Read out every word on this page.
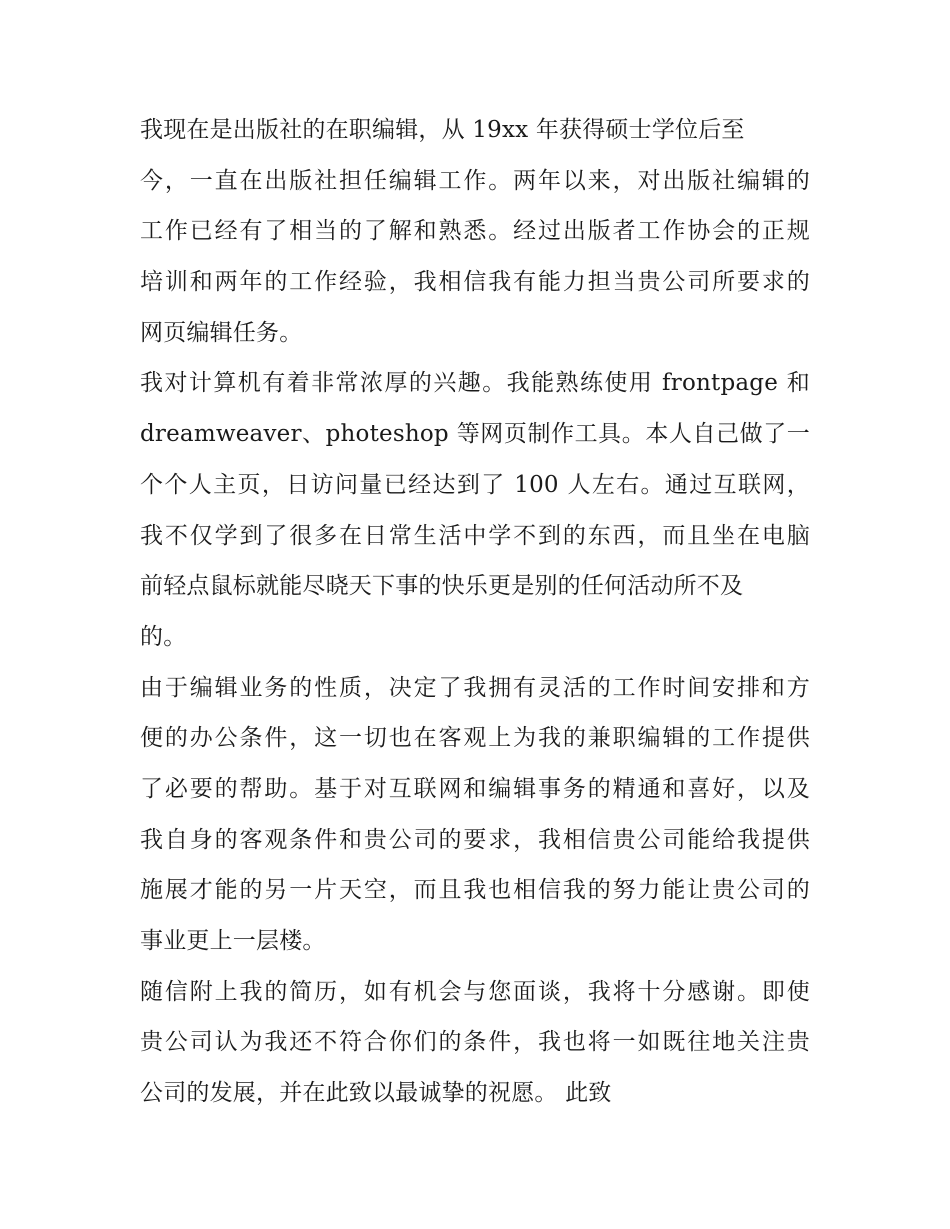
我现在是出版社的在职编辑，从 19xx 年获得硕士学位后至
今，一直在出版社担任编辑工作。两年以来，对出版社编辑的
工作已经有了相当的了解和熟悉。经过出版者工作协会的正规
培训和两年的工作经验，我相信我有能力担当贵公司所要求的
网页编辑任务。
我对计算机有着非常浓厚的兴趣。我能熟练使用 frontpage 和
dreamweaver、photeshop 等网页制作工具。本人自己做了一
个个人主页，日访问量已经达到了 100 人左右。通过互联网，
我不仅学到了很多在日常生活中学不到的东西，而且坐在电脑
前轻点鼠标就能尽晓天下事的快乐更是别的任何活动所不及
的。
由于编辑业务的性质，决定了我拥有灵活的工作时间安排和方
便的办公条件，这一切也在客观上为我的兼职编辑的工作提供
了必要的帮助。基于对互联网和编辑事务的精通和喜好，以及
我自身的客观条件和贵公司的要求，我相信贵公司能给我提供
施展才能的另一片天空，而且我也相信我的努力能让贵公司的
事业更上一层楼。
随信附上我的简历，如有机会与您面谈，我将十分感谢。即使
贵公司认为我还不符合你们的条件，我也将一如既往地关注贵
公司的发展，并在此致以最诚挚的祝愿。 此致
